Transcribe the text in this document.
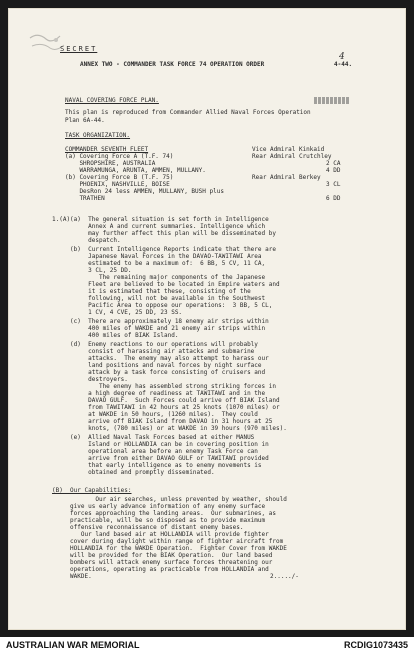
SECRET
ANNEX TWO - COMMANDER TASK FORCE 74 OPERATION ORDER	4-44.
4
NAVAL COVERING FORCE PLAN.
This plan is reproduced from Commander Allied Naval Forces Operation
Plan 6A-44.
TASK ORGANIZATION.
COMMANDER SEVENTH FLEET	Vice Admiral Kinkaid
(a) Covering Force A (T.F. 74)	Rear Admiral Crutchley
SHROPSHIRE, AUSTRALIA	2 CA
WARRAMUNGA, ARUNTA, AMMEN, MULLANY.	4 DD
(b) Covering Force B (T.F. 75)	Rear Admiral Berkey
PHOENIX, NASHVILLE, BOISE	3 CL
DesRon 24 less AMMEN, MULLANY, BUSH plus
TRATHEN	6 DD
1.(A)(a)  The general situation is set forth in Intelligence
Annex A and current summaries. Intelligence which
may further affect this plan will be disseminated by
despatch.
(b)  Current Intelligence Reports indicate that there are
Japanese Naval Forces in the DAVAO-TAWITAWI Area
estimated to be a maximum of:  6 BB, 5 CV, 11 CA,
3 CL, 25 DD.
The remaining major components of the Japanese
Fleet are believed to be located in Empire waters and
it is estimated that these, consisting of the
following, will not be available in the Southwest
Pacific Area to oppose our operations:  3 BB, 5 CL,
1 CV, 4 CVE, 25 DD, 23 SS.
(c)  There are approximately 18 enemy air strips within
400 miles of WAKDE and 21 enemy air strips within
400 miles of BIAK Island.
(d)  Enemy reactions to our operations will probably
consist of harassing air attacks and submarine
attacks.  The enemy may also attempt to harass our
land positions and naval forces by night surface
attack by a task force consisting of cruisers and
destroyers.
The enemy has assembled strong striking forces in
a high degree of readiness at TAWITAWI and in the
DAVAO GULF.  Such Forces could arrive off BIAK Island
from TAWITAWI in 42 hours at 25 knots (1070 miles) or
at WAKDE in 50 hours, (1260 miles).  They could
arrive off BIAK Island from DAVAO in 31 hours at 25
knots, (780 miles) or at WAKDE in 39 hours (970 miles).
(e)  Allied Naval Task Forces based at either MANUS
Island or HOLLANDIA can be in covering position in
operational area before an enemy Task Force can
arrive from either DAVAO GULF or TAWITAWI provided
that early intelligence as to enemy movements is
obtained and promptly disseminated.
(B)  Our Capabilities:
Our air searches, unless prevented by weather, should
give us early advance information of any enemy surface
forces approaching the landing areas.  Our submarines, as
practicable, will be so disposed as to provide maximum
offensive reconnaissance of distant enemy bases.
Our land based air at HOLLANDIA will provide fighter
cover during daylight within range of fighter aircraft from
HOLLANDIA for the WAKDE Operation.  Fighter Cover from WAKDE
will be provided for the BIAK Operation.  Our land based
bombers will attack enemy surface forces threatening our
operations, operating as practicable from HOLLANDIA and
WAKDE.	2...../-
AUSTRALIAN WAR MEMORIAL	RCDIG1073435
